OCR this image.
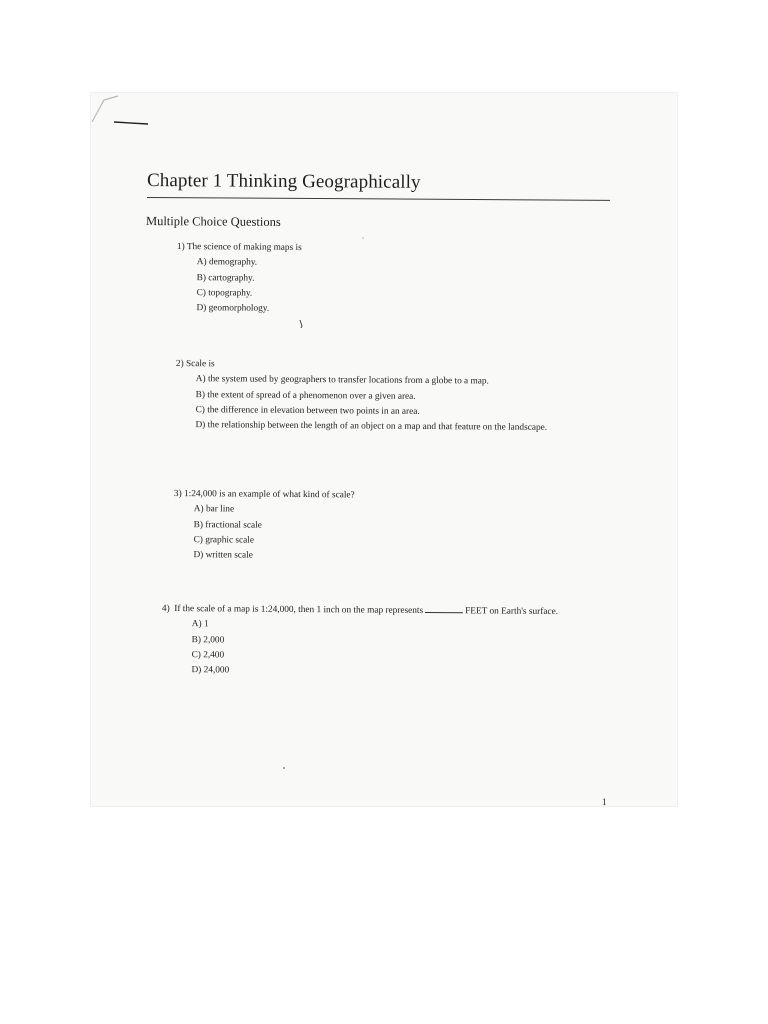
Chapter 1 Thinking Geographically
Multiple Choice Questions
1) The science of making maps is
A) demography.
B) cartography.
C) topography.
D) geomorphology.
2) Scale is
A) the system used by geographers to transfer locations from a globe to a map.
B) the extent of spread of a phenomenon over a given area.
C) the difference in elevation between two points in an area.
D) the relationship between the length of an object on a map and that feature on the landscape.
3) 1:24,000 is an example of what kind of scale?
A) bar line
B) fractional scale
C) graphic scale
D) written scale
If the scale of a map is 1:24,000, then 1 inch on the map represents	FEET on Earth's surface.
A) 1
B) 2,000
C) 2,400
D) 24,000
1
